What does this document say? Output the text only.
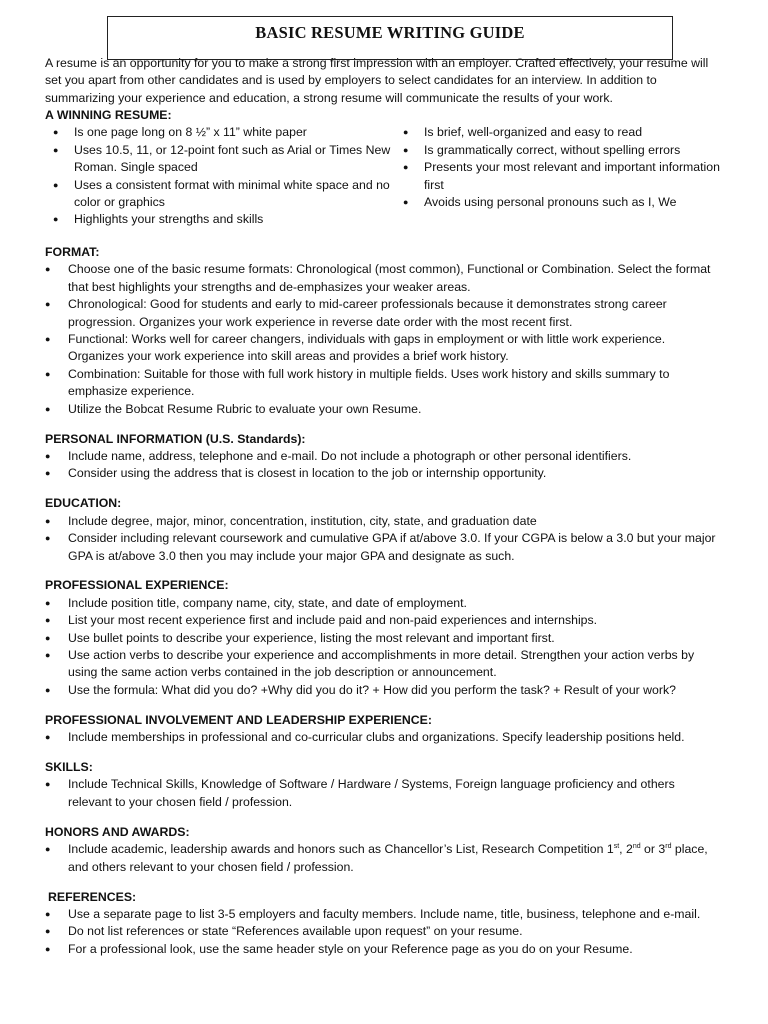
BASIC RESUME WRITING GUIDE

A resume is an opportunity for you to make a strong first impression with an employer. Crafted effectively, your resume will set you apart from other candidates and is used by employers to select candidates for an interview. In addition to summarizing your experience and education, a strong resume will communicate the results of your work.

A WINNING RESUME:

● Is one page long on 8 ½” x 11” white paper
● Uses 10.5, 11, or 12-point font such as Arial or Times New Roman. Single spaced
● Uses a consistent format with minimal white space and no color or graphics
● Highlights your strengths and skills
● Is brief, well-organized and easy to read
● Is grammatically correct, without spelling errors
● Presents your most relevant and important information first
● Avoids using personal pronouns such as I, We

FORMAT:

● Choose one of the basic resume formats: Chronological (most common), Functional or Combination. Select the format that best highlights your strengths and de-emphasizes your weaker areas.
● Chronological: Good for students and early to mid-career professionals because it demonstrates strong career progression. Organizes your work experience in reverse date order with the most recent first.
● Functional: Works well for career changers, individuals with gaps in employment or with little work experience. Organizes your work experience into skill areas and provides a brief work history.
● Combination: Suitable for those with full work history in multiple fields. Uses work history and skills summary to emphasize experience.
● Utilize the Bobcat Resume Rubric to evaluate your own Resume.

PERSONAL INFORMATION (U.S. Standards):

● Include name, address, telephone and e-mail. Do not include a photograph or other personal identifiers.
● Consider using the address that is closest in location to the job or internship opportunity.

EDUCATION:

● Include degree, major, minor, concentration, institution, city, state, and graduation date
● Consider including relevant coursework and cumulative GPA if at/above 3.0. If your CGPA is below a 3.0 but your major GPA is at/above 3.0 then you may include your major GPA and designate as such.

PROFESSIONAL EXPERIENCE:

● Include position title, company name, city, state, and date of employment.
● List your most recent experience first and include paid and non-paid experiences and internships.
● Use bullet points to describe your experience, listing the most relevant and important first.
● Use action verbs to describe your experience and accomplishments in more detail. Strengthen your action verbs by using the same action verbs contained in the job description or announcement.
● Use the formula: What did you do? +Why did you do it? + How did you perform the task? + Result of your work?

PROFESSIONAL INVOLVEMENT AND LEADERSHIP EXPERIENCE:

● Include memberships in professional and co-curricular clubs and organizations. Specify leadership positions held.

SKILLS:

● Include Technical Skills, Knowledge of Software / Hardware / Systems, Foreign language proficiency and others relevant to your chosen field / profession.

HONORS AND AWARDS:

● Include academic, leadership awards and honors such as Chancellor’s List, Research Competition 1st, 2nd or 3rd place, and others relevant to your chosen field / profession.

REFERENCES:

● Use a separate page to list 3-5 employers and faculty members. Include name, title, business, telephone and e-mail.
● Do not list references or state “References available upon request” on your resume.
● For a professional look, use the same header style on your Reference page as you do on your Resume.
